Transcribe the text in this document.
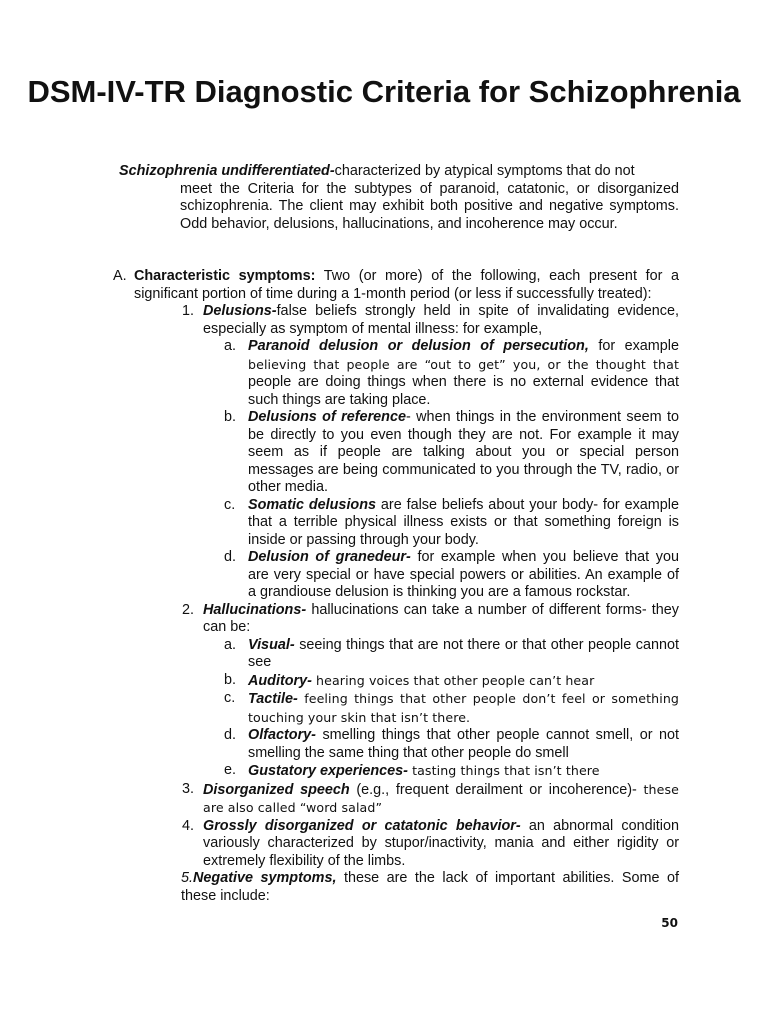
DSM-IV-TR Diagnostic Criteria for Schizophrenia
Schizophrenia undifferentiated-characterized by atypical symptoms that do not
meet the Criteria for the subtypes of paranoid, catatonic, or disorganized schizophrenia. The client may exhibit both positive and negative symptoms. Odd behavior, delusions, hallucinations, and incoherence may occur.
A. Characteristic symptoms: Two (or more) of the following, each present for a significant portion of time during a 1-month period (or less if successfully treated):
1. Delusions-false beliefs strongly held in spite of invalidating evidence, especially as symptom of mental illness: for example,
a. Paranoid delusion or delusion of persecution, for example believing that people are “out to get” you, or the thought that people are doing things when there is no external evidence that such things are taking place.
b. Delusions of reference- when things in the environment seem to be directly to you even though they are not. For example it may seem as if people are talking about you or special person messages are being communicated to you through the TV, radio, or other media.
c. Somatic delusions are false beliefs about your body- for example that a terrible physical illness exists or that something foreign is inside or passing through your body.
d. Delusion of granedeur- for example when you believe that you are very special or have special powers or abilities. An example of a grandiouse delusion is thinking you are a famous rockstar.
2. Hallucinations- hallucinations can take a number of different forms- they can be:
a. Visual- seeing things that are not there or that other people cannot see
b. Auditory- hearing voices that other people can’t hear
c. Tactile- feeling things that other people don’t feel or something touching your skin that isn’t there.
d. Olfactory- smelling things that other people cannot smell, or not smelling the same thing that other people do smell
e. Gustatory experiences- tasting things that isn’t there
3. Disorganized speech (e.g., frequent derailment or incoherence)- these are also called “word salad”
4. Grossly disorganized or catatonic behavior- an abnormal condition variously characterized by stupor/inactivity, mania and either rigidity or extremely flexibility of the limbs.
5.Negative symptoms, these are the lack of important abilities. Some of these include:
50
